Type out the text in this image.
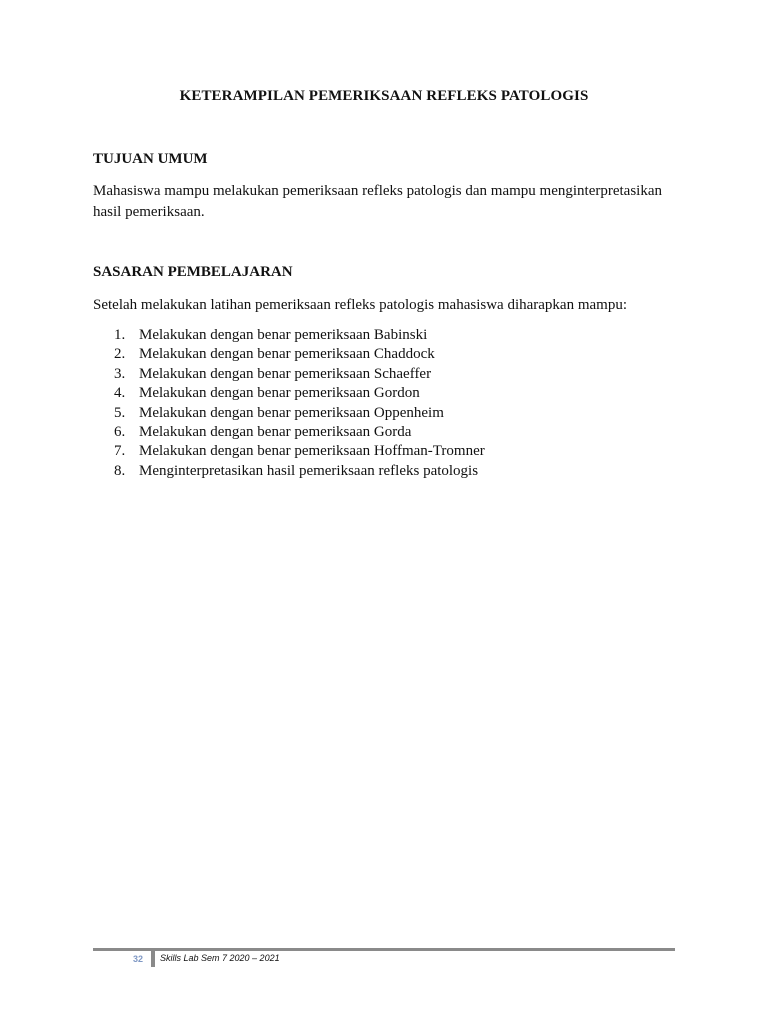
KETERAMPILAN PEMERIKSAAN REFLEKS PATOLOGIS
TUJUAN UMUM
Mahasiswa mampu melakukan pemeriksaan refleks patologis dan mampu menginterpretasikan hasil pemeriksaan.
SASARAN PEMBELAJARAN
Setelah melakukan latihan pemeriksaan refleks patologis mahasiswa diharapkan mampu:
1. Melakukan dengan benar pemeriksaan Babinski
2. Melakukan dengan benar pemeriksaan Chaddock
3. Melakukan dengan benar pemeriksaan Schaeffer
4. Melakukan dengan benar pemeriksaan Gordon
5. Melakukan dengan benar pemeriksaan Oppenheim
6. Melakukan dengan benar pemeriksaan Gorda
7. Melakukan dengan benar pemeriksaan Hoffman-Tromner
8. Menginterpretasikan hasil pemeriksaan refleks patologis
32 Skills Lab Sem 7 2020 – 2021
